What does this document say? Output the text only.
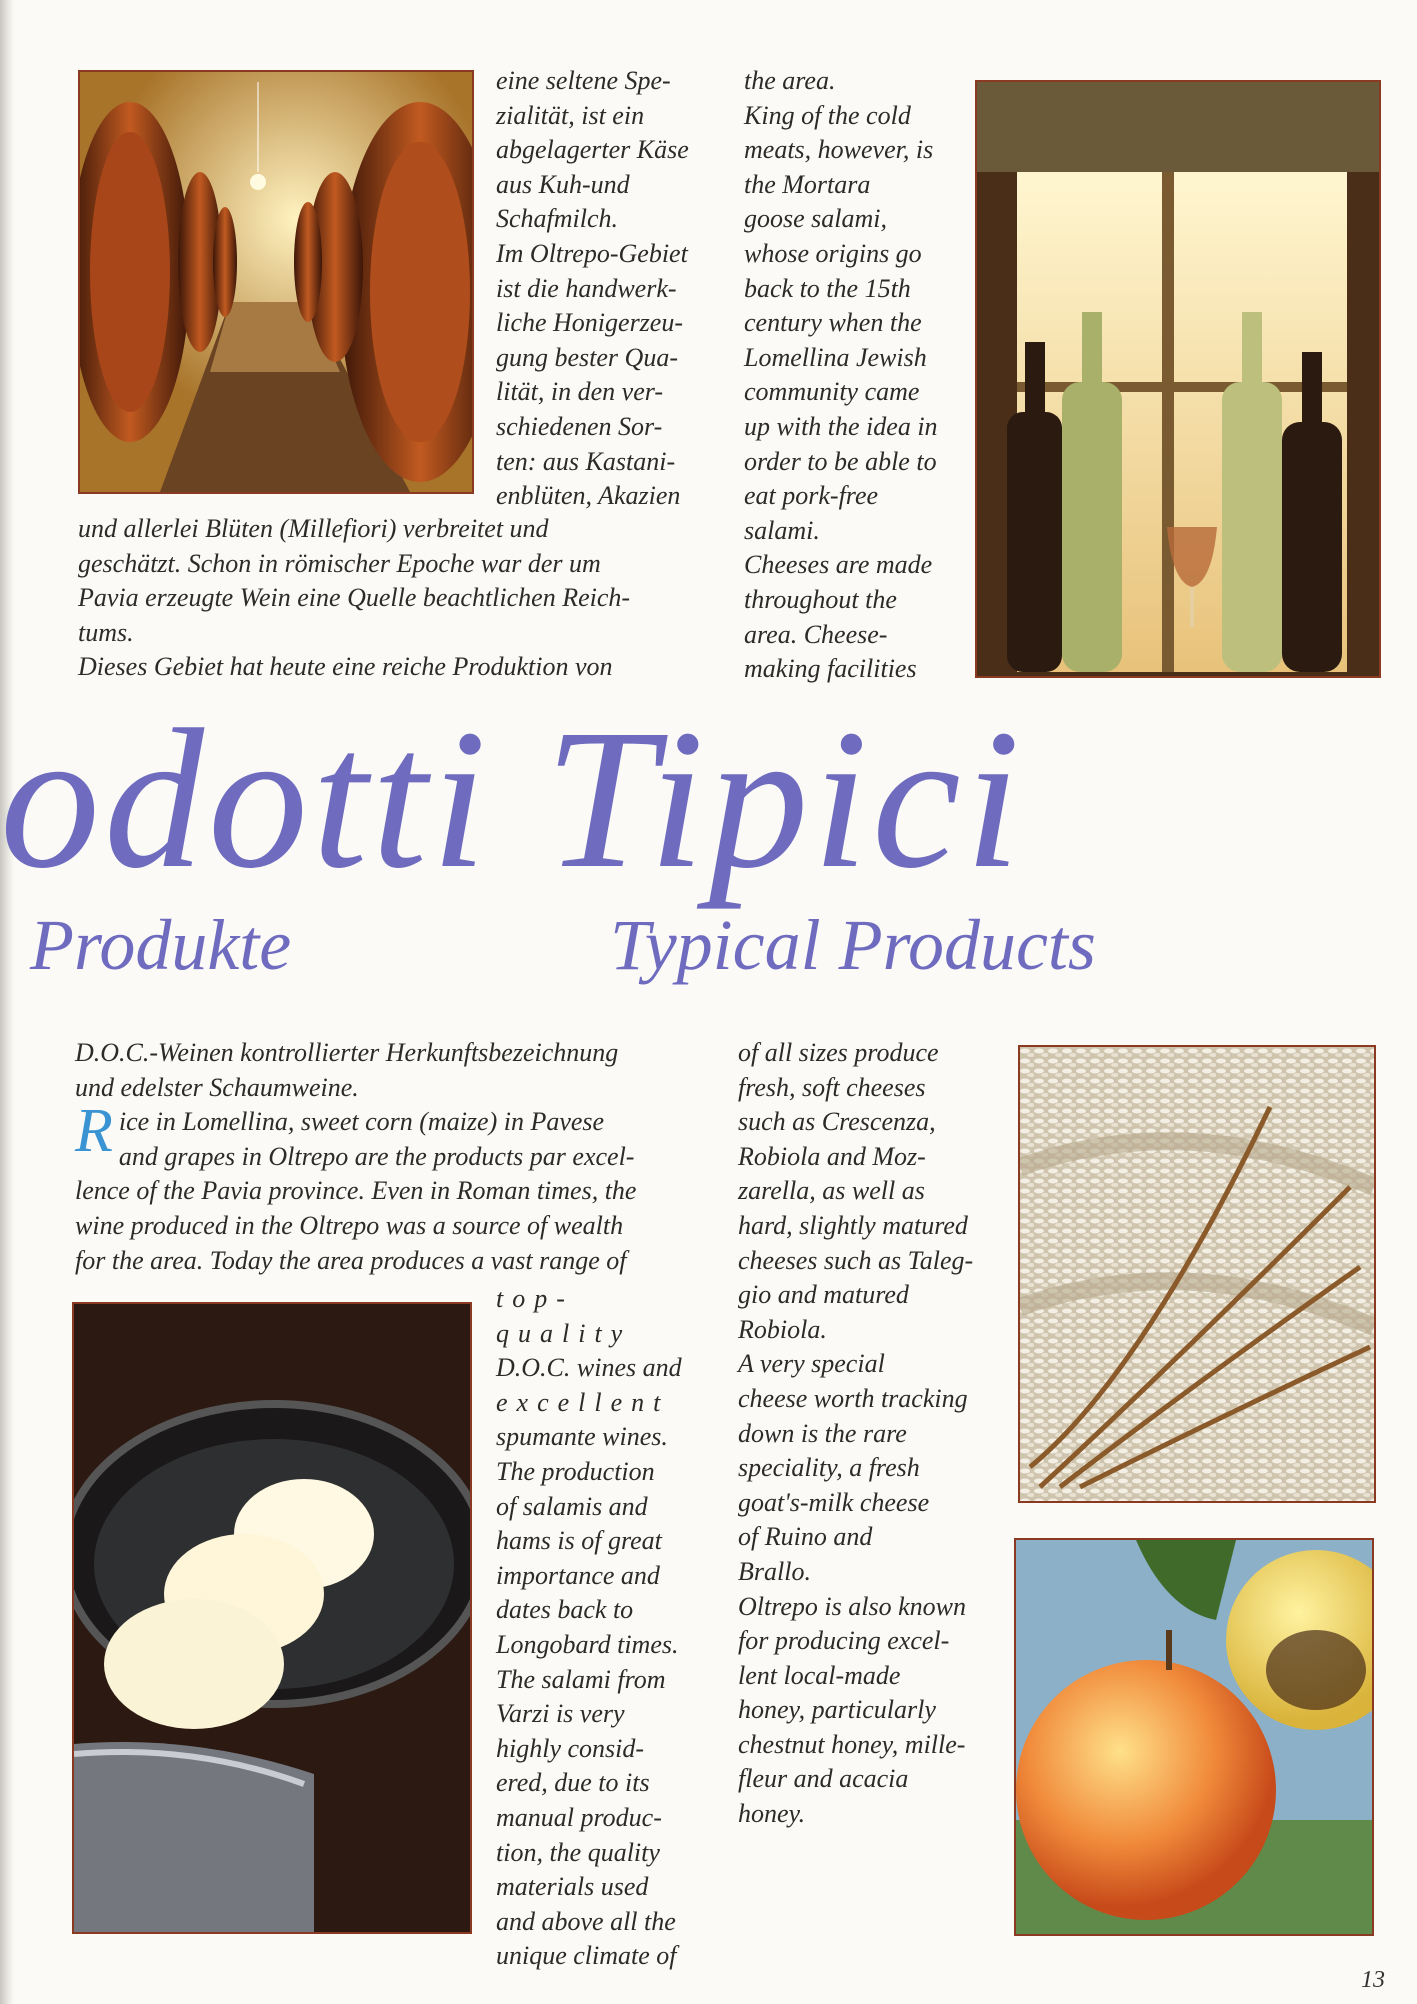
eine seltene Spe-

zialität, ist ein

abgelagerter Käse

aus Kuh-und

Schafmilch.

Im Oltrepo-Gebiet

ist die handwerk-

liche Honigerzeu-

gung bester Qua-

lität, in den ver-

schiedenen Sor-

ten: aus Kastani-

enblüten, Akazien

und allerlei Blüten (Millefiori) verbreitet und

geschätzt. Schon in römischer Epoche war der um

Pavia erzeugte Wein eine Quelle beachtlichen Reich-

tums.

Dieses Gebiet hat heute eine reiche Produktion von

the area.

King of the cold

meats, however, is

the Mortara

goose salami,

whose origins go

back to the 15th

century when the

Lomellina Jewish

community came

up with the idea in

order to be able to

eat pork-free

salami.

Cheeses are made

throughout the

area. Cheese-

making facilities

odotti Tipici
Produkte	Typical Products

D.O.C.-Weinen kontrollierter Herkunftsbezeichnung

und edelster Schaumweine.

R ice in Lomellina, sweet corn (maize) in Pavese

and grapes in Oltrepo are the products par excel-

lence of the Pavia province. Even in Roman times, the

wine produced in the Oltrepo was a source of wealth

for the area. Today the area produces a vast range of

top-quality

D.O.C. wines and

excellent

spumante wines.

The production

of salamis and

hams is of great

importance and

dates back to

Longobard times.

The salami from

Varzi is very

highly consid-

ered, due to its

manual produc-

tion, the quality

materials used

and above all the

unique climate of

of all sizes produce

fresh, soft cheeses

such as Crescenza,

Robiola and Moz-

zarella, as well as

hard, slightly matured

cheeses such as Taleg-

gio and matured

Robiola.

A very special

cheese worth tracking

down is the rare

speciality, a fresh

goat's-milk cheese

of Ruino and

Brallo.

Oltrepo is also known

for producing excel-

lent local-made

honey, particularly

chestnut honey, mille-

fleur and acacia

honey.

13
